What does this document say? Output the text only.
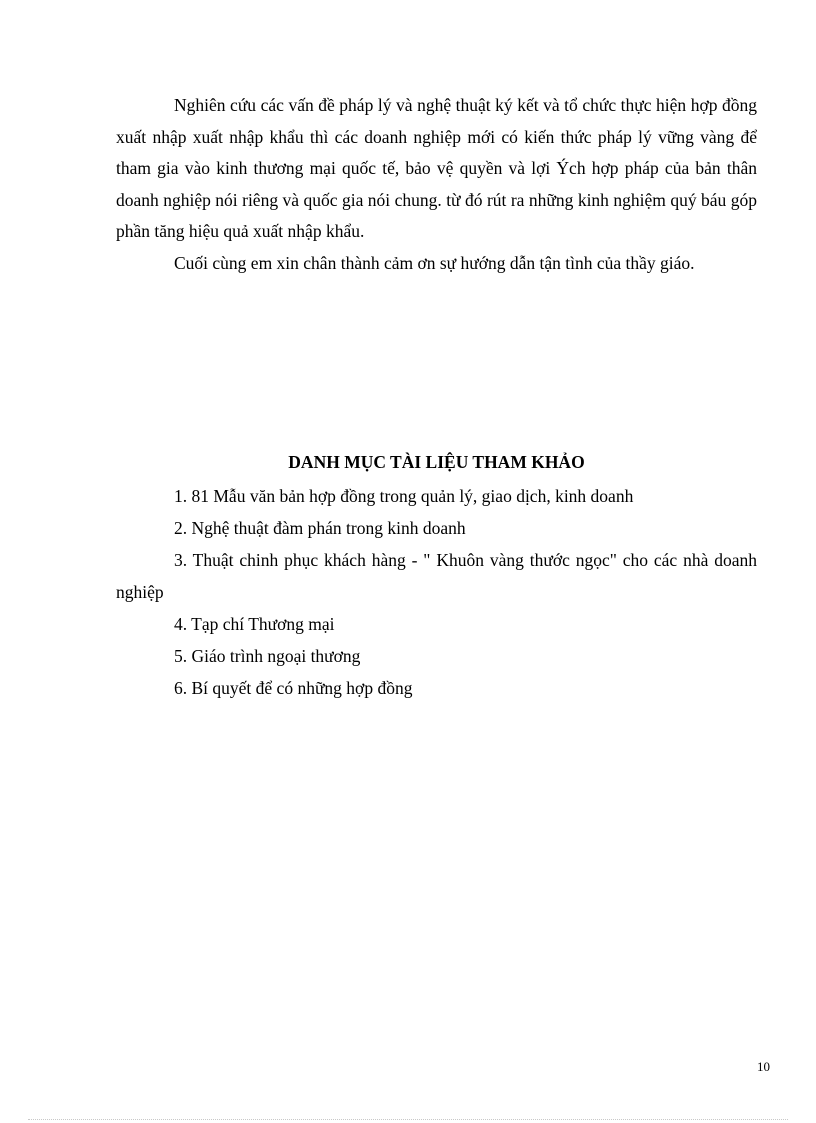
Nghiên cứu các vấn đề pháp lý và nghệ thuật ký kết và tổ chức thực hiện hợp đồng xuất nhập xuất nhập khẩu thì các doanh nghiệp mới có kiến thức pháp lý vững vàng để tham gia vào kinh thương mại quốc tế, bảo vệ quyền và lợi Ých hợp pháp của bản thân doanh nghiệp nói riêng và quốc gia nói chung. từ đó rút ra những kinh nghiệm quý báu góp phần tăng hiệu quả xuất nhập khẩu.

Cuối cùng em xin chân thành cảm ơn sự hướng dẫn tận tình của thầy giáo.

DANH MỤC TÀI LIỆU THAM KHẢO

1. 81 Mẫu văn bản hợp đồng trong quản lý, giao dịch, kinh doanh

2. Nghệ thuật đàm phán trong kinh doanh

3. Thuật chinh phục khách hàng - " Khuôn vàng thước ngọc" cho các nhà doanh nghiệp

4. Tạp chí Thương mại

5. Giáo trình ngoại thương

6. Bí quyết để có những hợp đồng

10
